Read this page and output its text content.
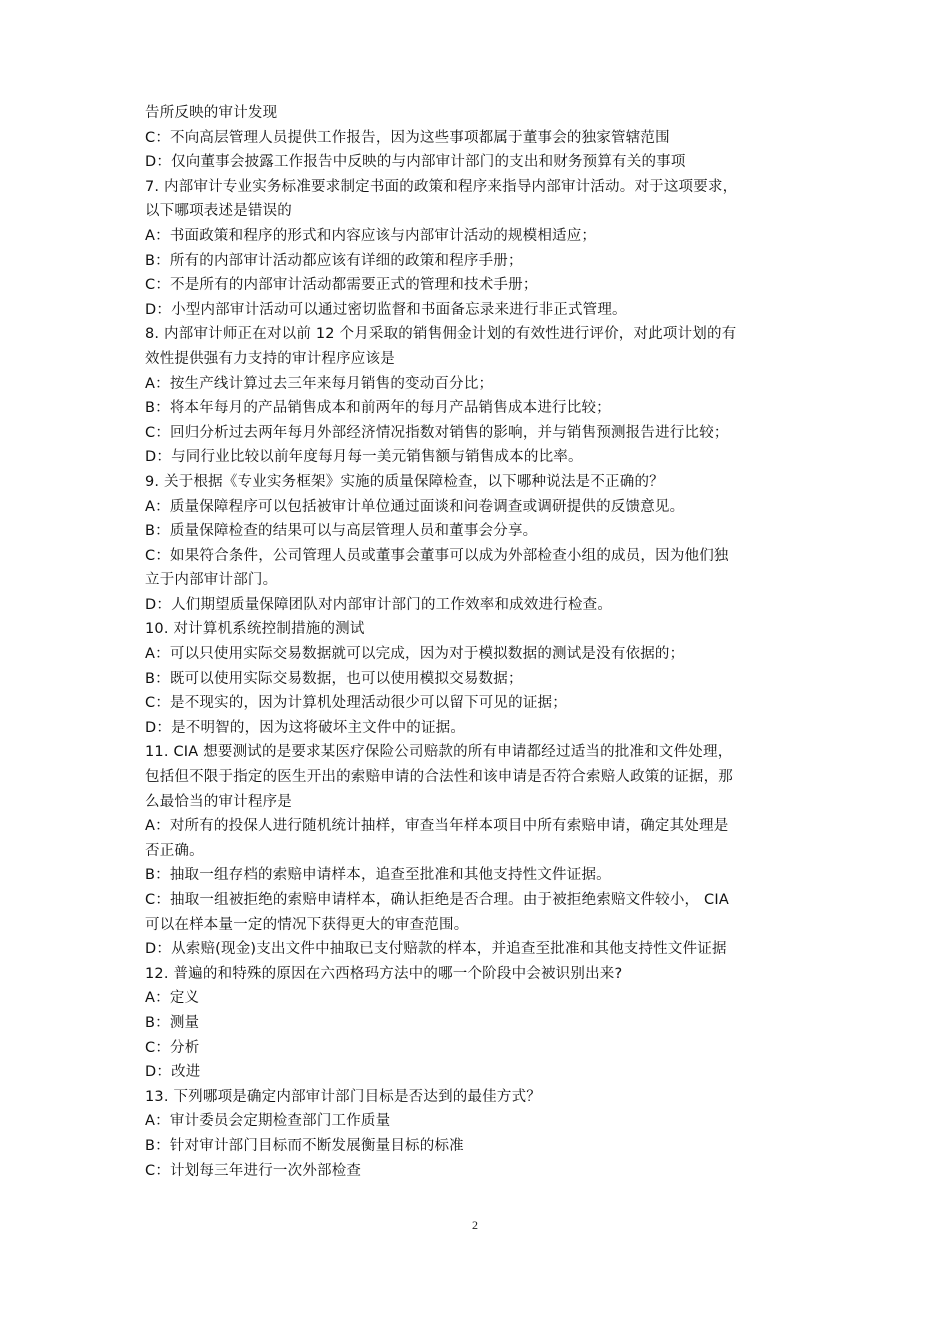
告所反映的审计发现
C：不向高层管理人员提供工作报告，因为这些事项都属于董事会的独家管辖范围
D：仅向董事会披露工作报告中反映的与内部审计部门的支出和财务预算有关的事项
7. 内部审计专业实务标准要求制定书面的政策和程序来指导内部审计活动。对于这项要求，
以下哪项表述是错误的
A：书面政策和程序的形式和内容应该与内部审计活动的规模相适应；
B：所有的内部审计活动都应该有详细的政策和程序手册；
C：不是所有的内部审计活动都需要正式的管理和技术手册；
D：小型内部审计活动可以通过密切监督和书面备忘录来进行非正式管理。
8. 内部审计师正在对以前 12 个月采取的销售佣金计划的有效性进行评价，对此项计划的有
效性提供强有力支持的审计程序应该是
A：按生产线计算过去三年来每月销售的变动百分比；
B：将本年每月的产品销售成本和前两年的每月产品销售成本进行比较；
C：回归分析过去两年每月外部经济情况指数对销售的影响，并与销售预测报告进行比较；
D：与同行业比较以前年度每月每一美元销售额与销售成本的比率。
9. 关于根据《专业实务框架》实施的质量保障检查，以下哪种说法是不正确的？
A：质量保障程序可以包括被审计单位通过面谈和问卷调查或调研提供的反馈意见。
B：质量保障检查的结果可以与高层管理人员和董事会分享。
C：如果符合条件，公司管理人员或董事会董事可以成为外部检查小组的成员，因为他们独
立于内部审计部门。
D：人们期望质量保障团队对内部审计部门的工作效率和成效进行检查。
10. 对计算机系统控制措施的测试
A：可以只使用实际交易数据就可以完成，因为对于模拟数据的测试是没有依据的；
B：既可以使用实际交易数据，也可以使用模拟交易数据；
C：是不现实的，因为计算机处理活动很少可以留下可见的证据；
D：是不明智的，因为这将破坏主文件中的证据。
11. CIA 想要测试的是要求某医疗保险公司赔款的所有申请都经过适当的批准和文件处理，
包括但不限于指定的医生开出的索赔申请的合法性和该申请是否符合索赔人政策的证据，那
么最恰当的审计程序是
A：对所有的投保人进行随机统计抽样，审查当年样本项目中所有索赔申请，确定其处理是
否正确。
B：抽取一组存档的索赔申请样本，追查至批准和其他支持性文件证据。
C：抽取一组被拒绝的索赔申请样本，确认拒绝是否合理。由于被拒绝索赔文件较小， CIA
可以在样本量一定的情况下获得更大的审查范围。
D：从索赔(现金)支出文件中抽取已支付赔款的样本，并追查至批准和其他支持性文件证据
12. 普遍的和特殊的原因在六西格玛方法中的哪一个阶段中会被识别出来?
A：定义
B：测量
C：分析
D：改进
13. 下列哪项是确定内部审计部门目标是否达到的最佳方式？
A：审计委员会定期检查部门工作质量
B：针对审计部门目标而不断发展衡量目标的标准
C：计划每三年进行一次外部检查
2
